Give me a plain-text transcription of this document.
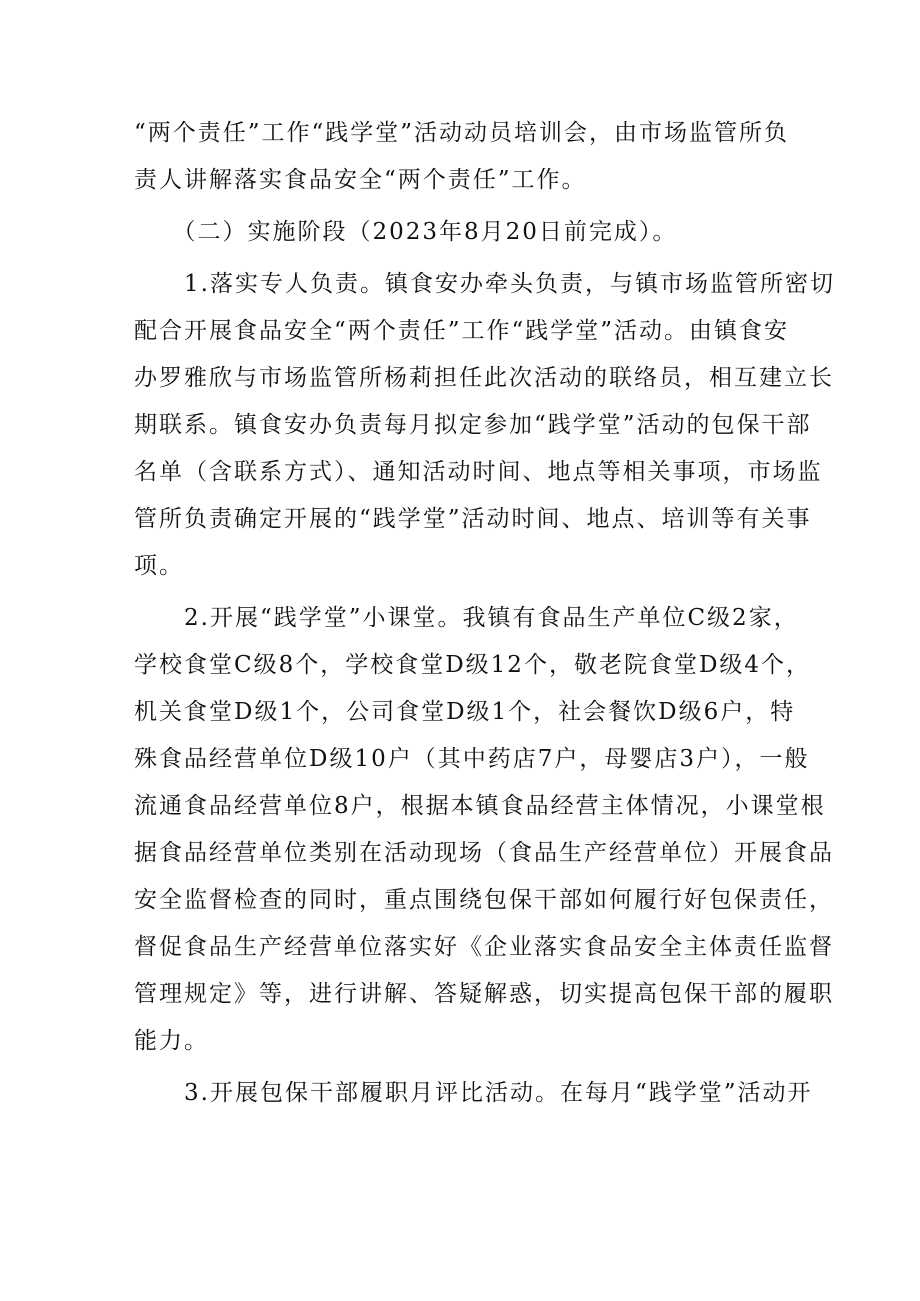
“两个责任”工作“践学堂”活动动员培训会，由市场监管所负
责人讲解落实食品安全“两个责任”工作。
　　（二）实施阶段（2023年8月20日前完成）。
　　1.落实专人负责。镇食安办牵头负责，与镇市场监管所密切
配合开展食品安全“两个责任”工作“践学堂”活动。由镇食安
办罗雅欣与市场监管所杨莉担任此次活动的联络员，相互建立长
期联系。镇食安办负责每月拟定参加“践学堂”活动的包保干部
名单（含联系方式）、通知活动时间、地点等相关事项，市场监
管所负责确定开展的“践学堂”活动时间、地点、培训等有关事
项。
　　2.开展“践学堂”小课堂。我镇有食品生产单位C级2家，
学校食堂C级8个，学校食堂D级12个，敬老院食堂D级4个，
机关食堂D级1个，公司食堂D级1个，社会餐饮D级6户，特
殊食品经营单位D级10户（其中药店7户，母婴店3户），一般
流通食品经营单位8户，根据本镇食品经营主体情况，小课堂根
据食品经营单位类别在活动现场（食品生产经营单位）开展食品
安全监督检查的同时，重点围绕包保干部如何履行好包保责任，
督促食品生产经营单位落实好《企业落实食品安全主体责任监督
管理规定》等，进行讲解、答疑解惑，切实提高包保干部的履职
能力。
　　3.开展包保干部履职月评比活动。在每月“践学堂”活动开
